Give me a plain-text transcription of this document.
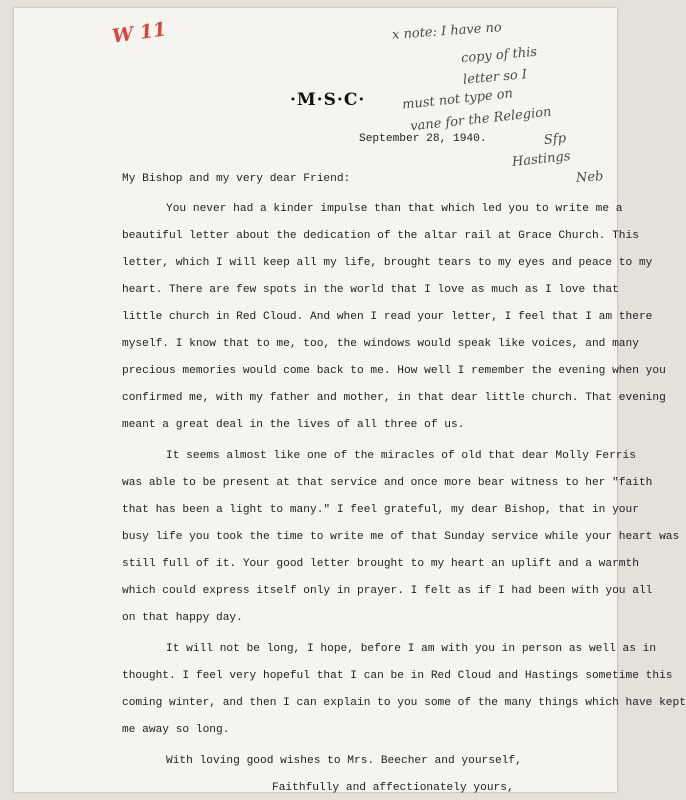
W 11	x note: I have no
copy of this
letter so I
must not type on
vane for the Relegion
Sfp
Hastings
Neb
·M·S·C·
September 28, 1940.
My Bishop and my very dear Friend:
You never had a kinder impulse than that which led you to write me a
beautiful letter about the dedication of the altar rail at Grace Church. This
letter, which I will keep all my life, brought tears to my eyes and peace to my
heart. There are few spots in the world that I love as much as I love that
little church in Red Cloud. And when I read your letter, I feel that I am there
myself. I know that to me, too, the windows would speak like voices, and many
precious memories would come back to me. How well I remember the evening when you
confirmed me, with my father and mother, in that dear little church. That evening
meant a great deal in the lives of all three of us.
It seems almost like one of the miracles of old that dear Molly Ferris
was able to be present at that service and once more bear witness to her "faith
that has been a light to many." I feel grateful, my dear Bishop, that in your
busy life you took the time to write me of that Sunday service while your heart was
still full of it. Your good letter brought to my heart an uplift and a warmth
which could express itself only in prayer. I felt as if I had been with you all
on that happy day.
It will not be long, I hope, before I am with you in person as well as in
thought. I feel very hopeful that I can be in Red Cloud and Hastings sometime this
coming winter, and then I can explain to you some of the many things which have kept
me away so long.
With loving good wishes to Mrs. Beecher and yourself,
Faithfully and affectionately yours,
